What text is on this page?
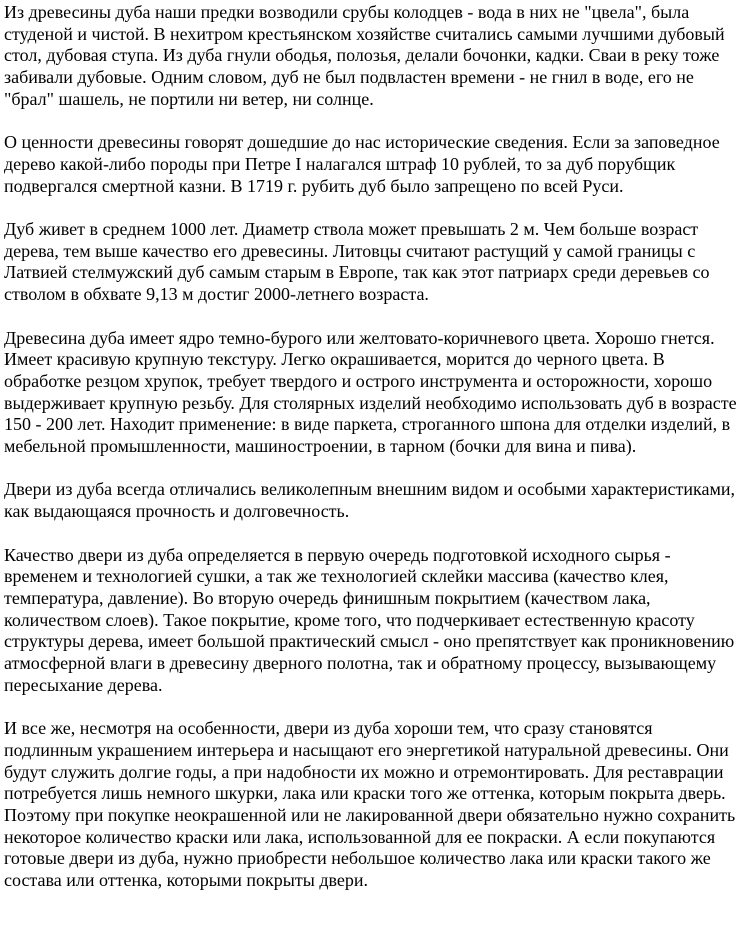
Из древесины дуба наши предки возводили срубы колодцев - вода в них не "цвела", была студеной и чистой. В нехитром крестьянском хозяйстве считались самыми лучшими дубовый стол, дубовая ступа. Из дуба гнули ободья, полозья, делали бочонки, кадки. Сваи в реку тоже забивали дубовые. Одним словом, дуб не был подвластен времени - не гнил в воде, его не "брал" шашель, не портили ни ветер, ни солнце.

О ценности древесины говорят дошедшие до нас исторические сведения. Если за заповедное дерево какой-либо породы при Петре I налагался штраф 10 рублей, то за дуб порубщик подвергался смертной казни. В 1719 г. рубить дуб было запрещено по всей Руси.

Дуб живет в среднем 1000 лет. Диаметр ствола может превышать 2 м. Чем больше возраст дерева, тем выше качество его древесины. Литовцы считают растущий у самой границы с Латвией стелмужский дуб самым старым в Европе, так как этот патриарх среди деревьев со стволом в обхвате 9,13 м достиг 2000-летнего возраста.

Древесина дуба имеет ядро темно-бурого или желтовато-коричневого цвета. Хорошо гнется. Имеет красивую крупную текстуру. Легко окрашивается, морится до черного цвета. В обработке резцом хрупок, требует твердого и острого инструмента и осторожности, хорошо выдерживает крупную резьбу. Для столярных изделий необходимо использовать дуб в возрасте 150 - 200 лет. Находит применение: в виде паркета, строганного шпона для отделки изделий, в мебельной промышленности, машиностроении, в тарном (бочки для вина и пива).

Двери из дуба всегда отличались великолепным внешним видом и особыми характеристиками, как выдающаяся прочность и долговечность.

Качество двери из дуба определяется в первую очередь подготовкой исходного сырья - временем и технологией сушки, а так же технологией склейки массива (качество клея, температура, давление). Во вторую очередь финишным покрытием (качеством лака, количеством слоев). Такое покрытие, кроме того, что подчеркивает естественную красоту структуры дерева, имеет большой практический смысл - оно препятствует как проникновению атмосферной влаги в древесину дверного полотна, так и обратному процессу, вызывающему пересыхание дерева.

И все же, несмотря на особенности, двери из дуба хороши тем, что сразу становятся подлинным украшением интерьера и насыщают его энергетикой натуральной древесины. Они будут служить долгие годы, а при надобности их можно и отремонтировать. Для реставрации потребуется лишь немного шкурки, лака или краски того же оттенка, которым покрыта дверь. Поэтому при покупке неокрашенной или не лакированной двери обязательно нужно сохранить некоторое количество краски или лака, использованной для ее покраски. А если покупаются готовые двери из дуба, нужно приобрести небольшое количество лака или краски такого же состава или оттенка, которыми покрыты двери.
